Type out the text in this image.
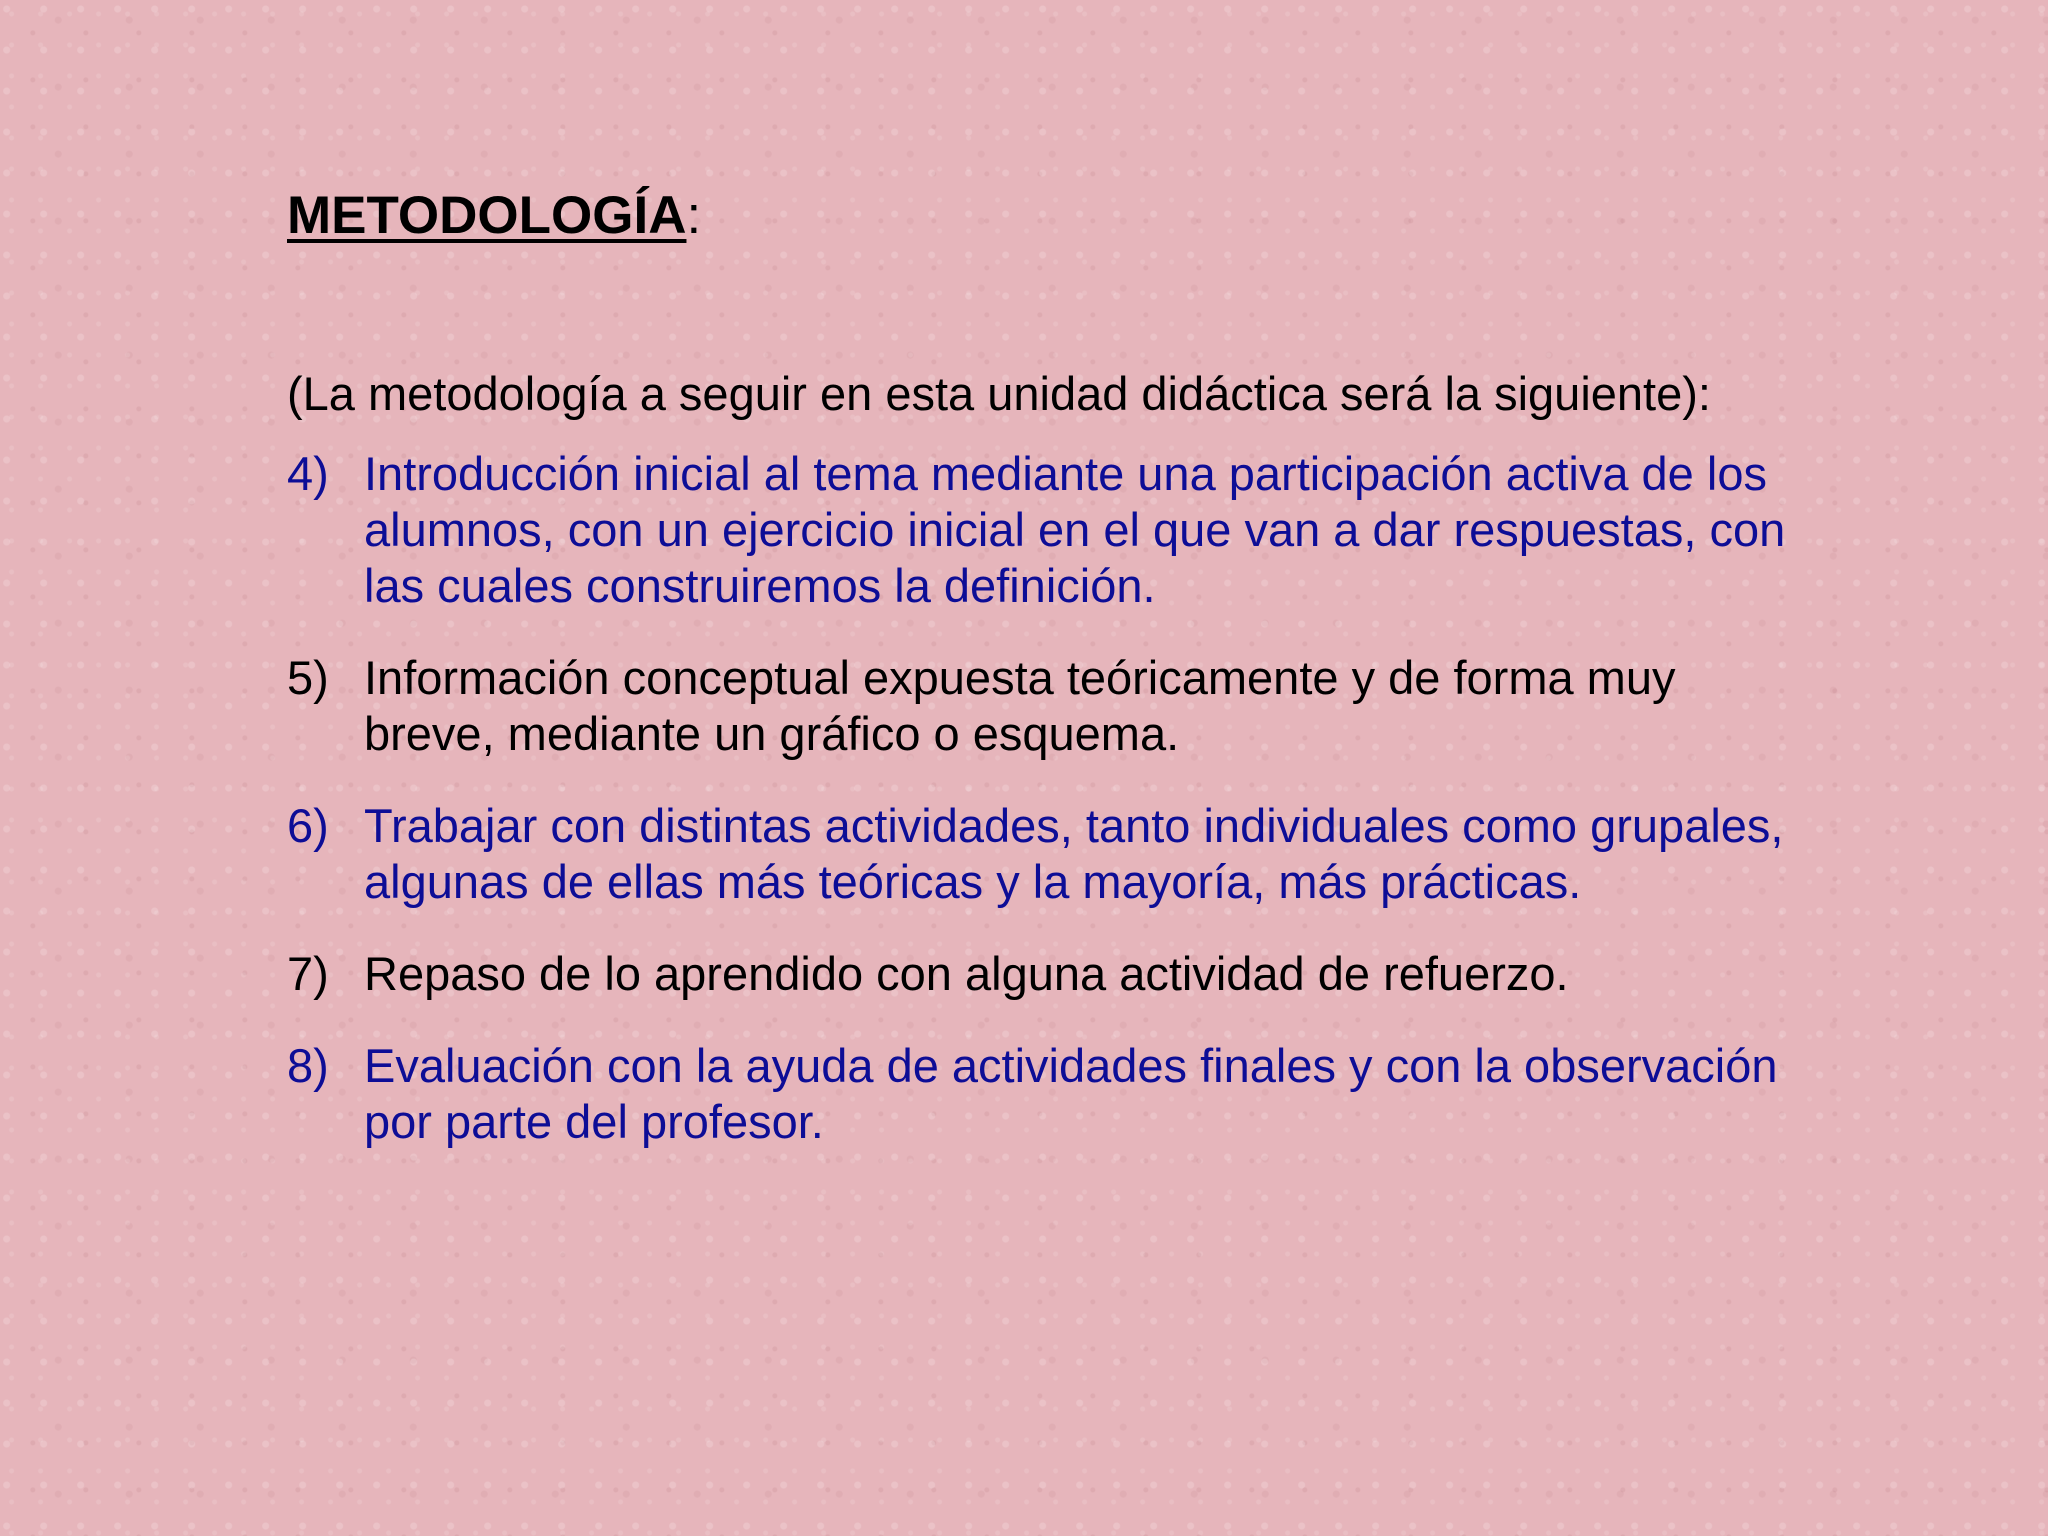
METODOLOGÍA:

(La metodología a seguir en esta unidad didáctica será la siguiente):

4) Introducción inicial al tema mediante una participación activa de los alumnos, con un ejercicio inicial en el que van a dar respuestas, con las cuales construiremos la definición.
5) Información conceptual expuesta teóricamente y de forma muy breve, mediante un gráfico o esquema.
6) Trabajar con distintas actividades, tanto individuales como grupales, algunas de ellas más teóricas y la mayoría, más prácticas.
7) Repaso de lo aprendido con alguna actividad de refuerzo.
8) Evaluación con la ayuda de actividades finales y con la observación por parte del profesor.
